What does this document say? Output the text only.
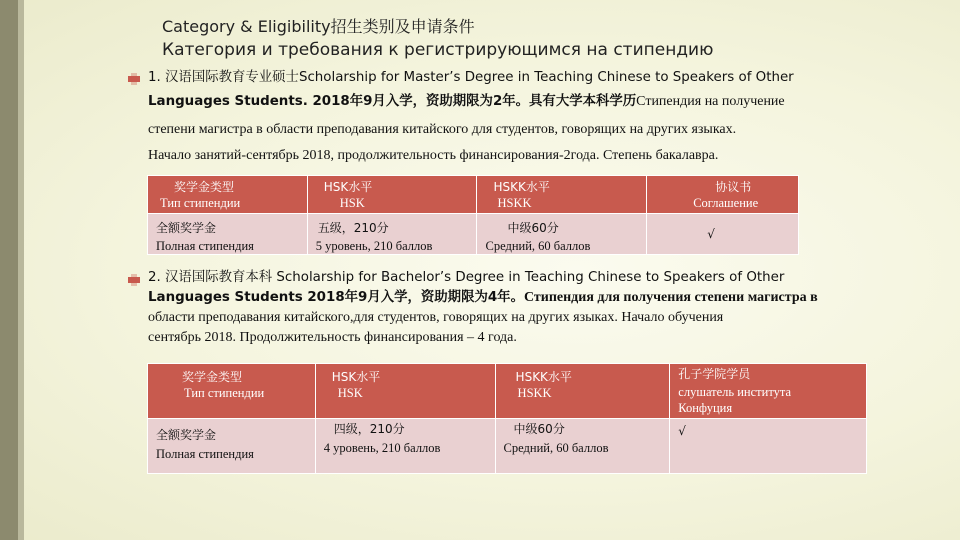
Category & Eligibility招生类别及申请条件
Категория и требования к регистрирующимся на стипендию
1. 汉语国际教育专业硕士Scholarship for Master’s Degree in Teaching Chinese to Speakers of Other
Languages Students. 2018年9月入学，资助期限为2年。具有大学本科学历Стипендия на получение
степени магистра в области преподавания китайского для студентов, говорящих на других языках.
Начало занятий-сентябрь 2018, продолжительность финансирования-2года. Степень бакалавра.
奖学金类型
Тип стипендии	HSK水平
HSK	HSKK水平
HSKK	协议书
Соглашение

全额奖学金
Полная стипендия	五级，210分
5 уровень, 210 баллов	中级60分
Средний, 60 баллов	√
2. 汉语国际教育本科 Scholarship for Bachelor’s Degree in Teaching Chinese to Speakers of Other
Languages Students 2018年9月入学，资助期限为4年。Стипендия для получения степени магистра в
области преподавания китайского,для студентов, говорящих на других языках. Начало обучения
сентябрь 2018. Продолжительность финансирования – 4 года.
奖学金类型
Тип стипендии	HSK水平
HSK	HSKK水平
HSKK	孔子学院学员
слушатель института
Конфуция

全额奖学金
Полная стипендия	四级，210分
4 уровень, 210 баллов	中级60分
Средний, 60 баллов	√
